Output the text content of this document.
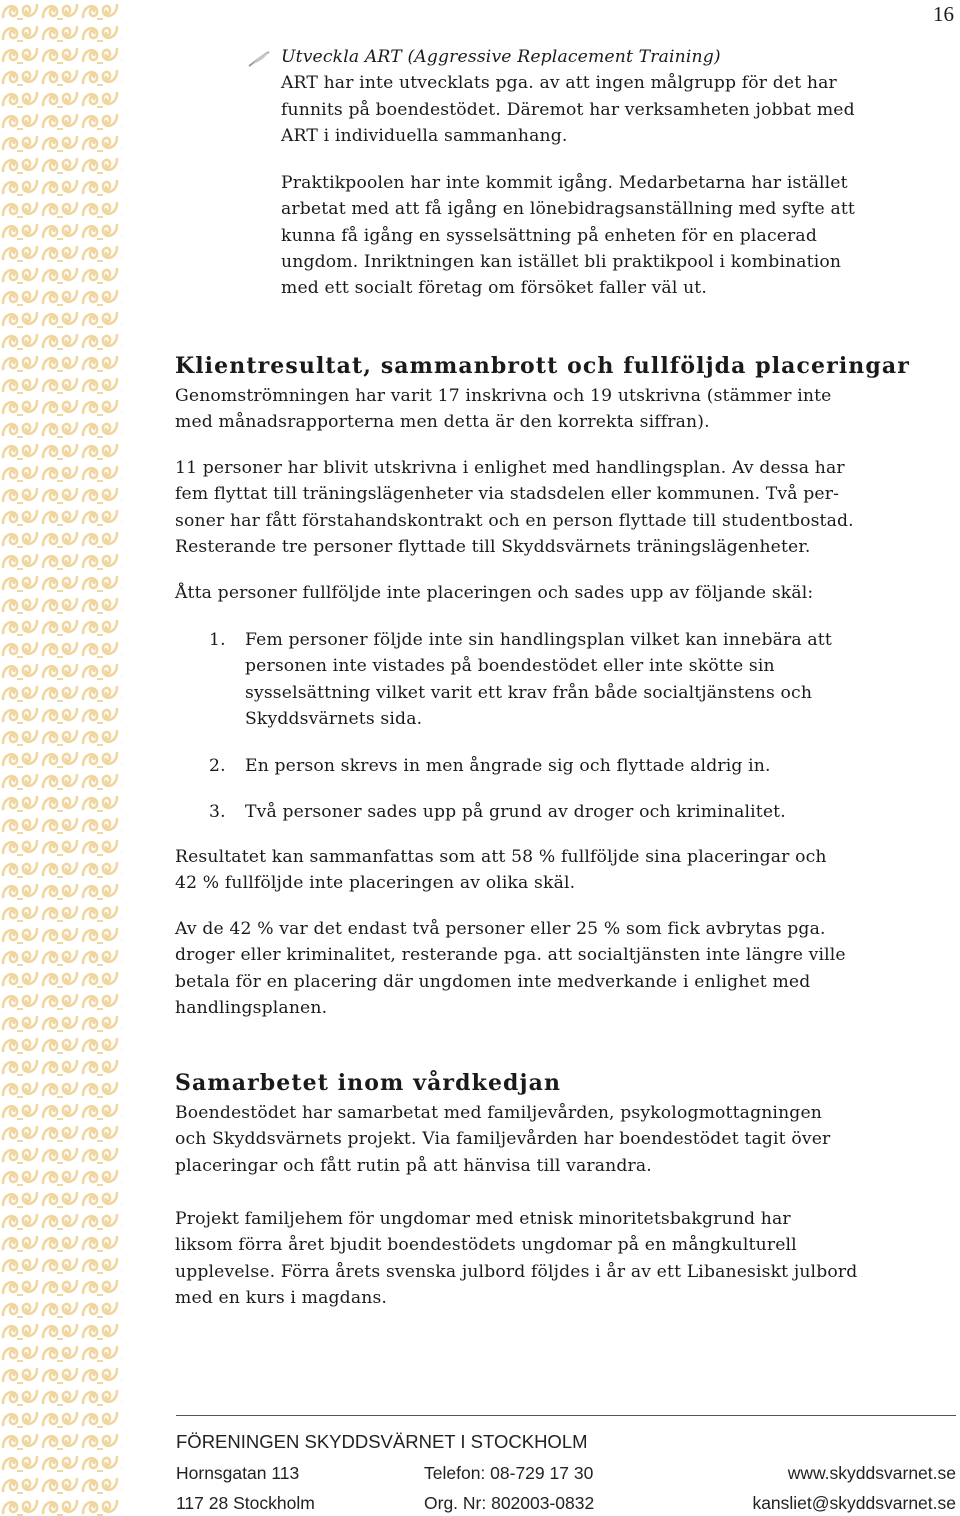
16

Utveckla ART (Aggressive Replacement Training)

ART har inte utvecklats pga. av att ingen målgrupp för det har

funnits på boendestödet. Däremot har verksamheten jobbat med

ART i individuella sammanhang.

Praktikpoolen har inte kommit igång. Medarbetarna har istället

arbetat med att få igång en lönebidragsanställning med syfte att

kunna få igång en sysselsättning på enheten för en placerad

ungdom. Inriktningen kan istället bli praktikpool i kombination

med ett socialt företag om försöket faller väl ut.

Klientresultat, sammanbrott och fullföljda placeringar

Genomströmningen har varit 17 inskrivna och 19 utskrivna (stämmer inte

med månadsrapporterna men detta är den korrekta siffran).

11 personer har blivit utskrivna i enlighet med handlingsplan. Av dessa har

fem flyttat till träningslägenheter via stadsdelen eller kommunen. Två per-

soner har fått förstahandskontrakt och en person flyttade till studentbostad.

Resterande tre personer flyttade till Skyddsvärnets träningslägenheter.

Åtta personer fullföljde inte placeringen och sades upp av följande skäl:

1. Fem personer följde inte sin handlingsplan vilket kan innebära att
personen inte vistades på boendestödet eller inte skötte sin
sysselsättning vilket varit ett krav från både socialtjänstens och
Skyddsvärnets sida.
2. En person skrevs in men ångrade sig och flyttade aldrig in.
3. Två personer sades upp på grund av droger och kriminalitet.

Resultatet kan sammanfattas som att 58 % fullföljde sina placeringar och

42 % fullföljde inte placeringen av olika skäl.

Av de 42 % var det endast två personer eller 25 % som fick avbrytas pga.

droger eller kriminalitet, resterande pga. att socialtjänsten inte längre ville

betala för en placering där ungdomen inte medverkande i enlighet med

handlingsplanen.

Samarbetet inom vårdkedjan

Boendestödet har samarbetat med familjevården, psykologmottagningen

och Skyddsvärnets projekt. Via familjevården har boendestödet tagit över

placeringar och fått rutin på att hänvisa till varandra.

Projekt familjehem för ungdomar med etnisk minoritetsbakgrund har

liksom förra året bjudit boendestödets ungdomar på en mångkulturell

upplevelse. Förra årets svenska julbord följdes i år av ett Libanesiskt julbord

med en kurs i magdans.

FÖRENINGEN SKYDDSVÄRNET I STOCKHOLM
Hornsgatan 113	Telefon: 08-729 17 30	www.skyddsvarnet.se
117 28 Stockholm	Org. Nr: 802003-0832	kansliet@skyddsvarnet.se
